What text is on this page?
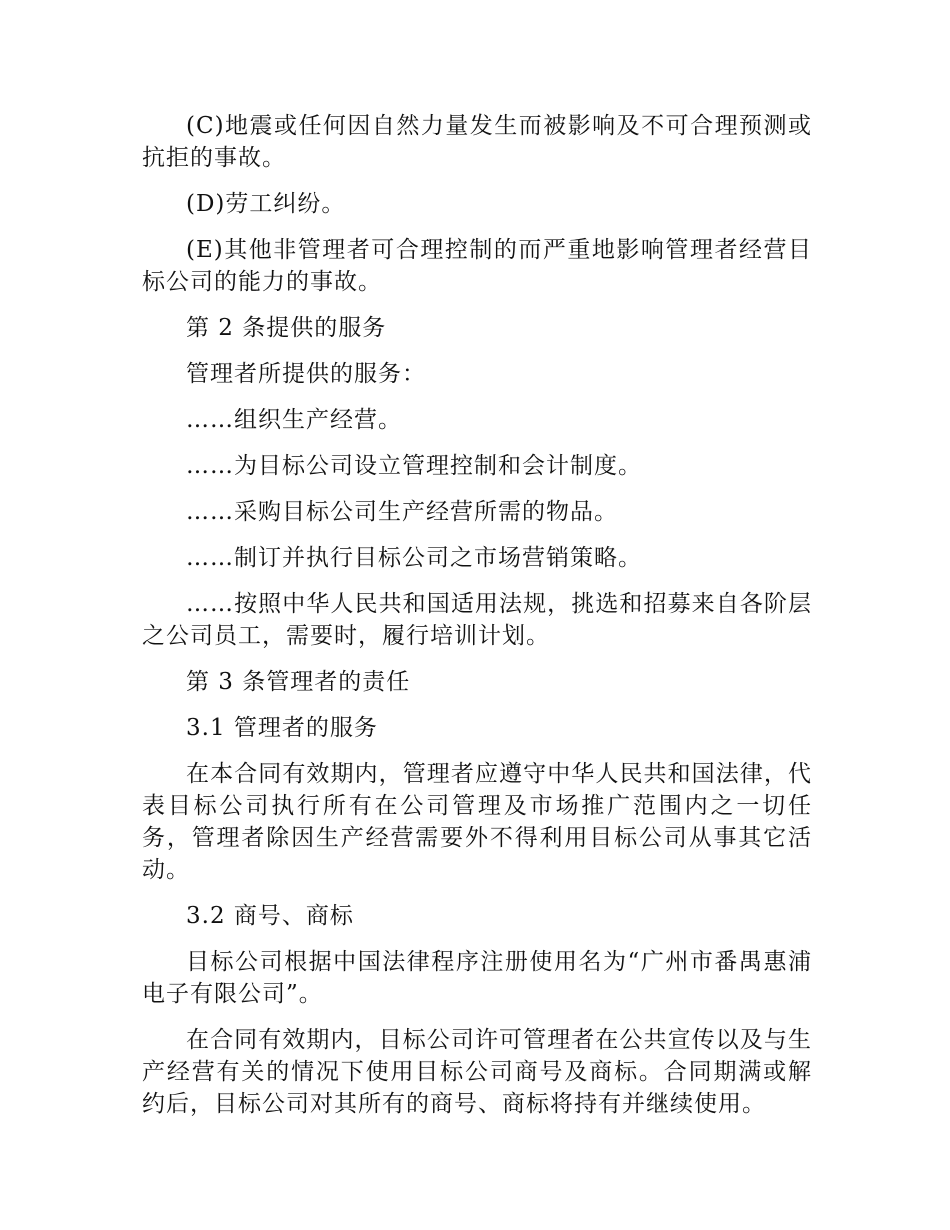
(C)地震或任何因自然力量发生而被影响及不可合理预测或抗拒的事故。

(D)劳工纠纷。

(E)其他非管理者可合理控制的而严重地影响管理者经营目标公司的能力的事故。

第 2 条提供的服务

管理者所提供的服务：

……组织生产经营。

……为目标公司设立管理控制和会计制度。

……采购目标公司生产经营所需的物品。

……制订并执行目标公司之市场营销策略。

……按照中华人民共和国适用法规，挑选和招募来自各阶层之公司员工，需要时，履行培训计划。

第 3 条管理者的责任

3.1 管理者的服务

在本合同有效期内，管理者应遵守中华人民共和国法律，代表目标公司执行所有在公司管理及市场推广范围内之一切任务，管理者除因生产经营需要外不得利用目标公司从事其它活动。

3.2 商号、商标

目标公司根据中国法律程序注册使用名为“广州市番禺惠浦电子有限公司”。

在合同有效期内，目标公司许可管理者在公共宣传以及与生产经营有关的情况下使用目标公司商号及商标。合同期满或解约后，目标公司对其所有的商号、商标将持有并继续使用。
